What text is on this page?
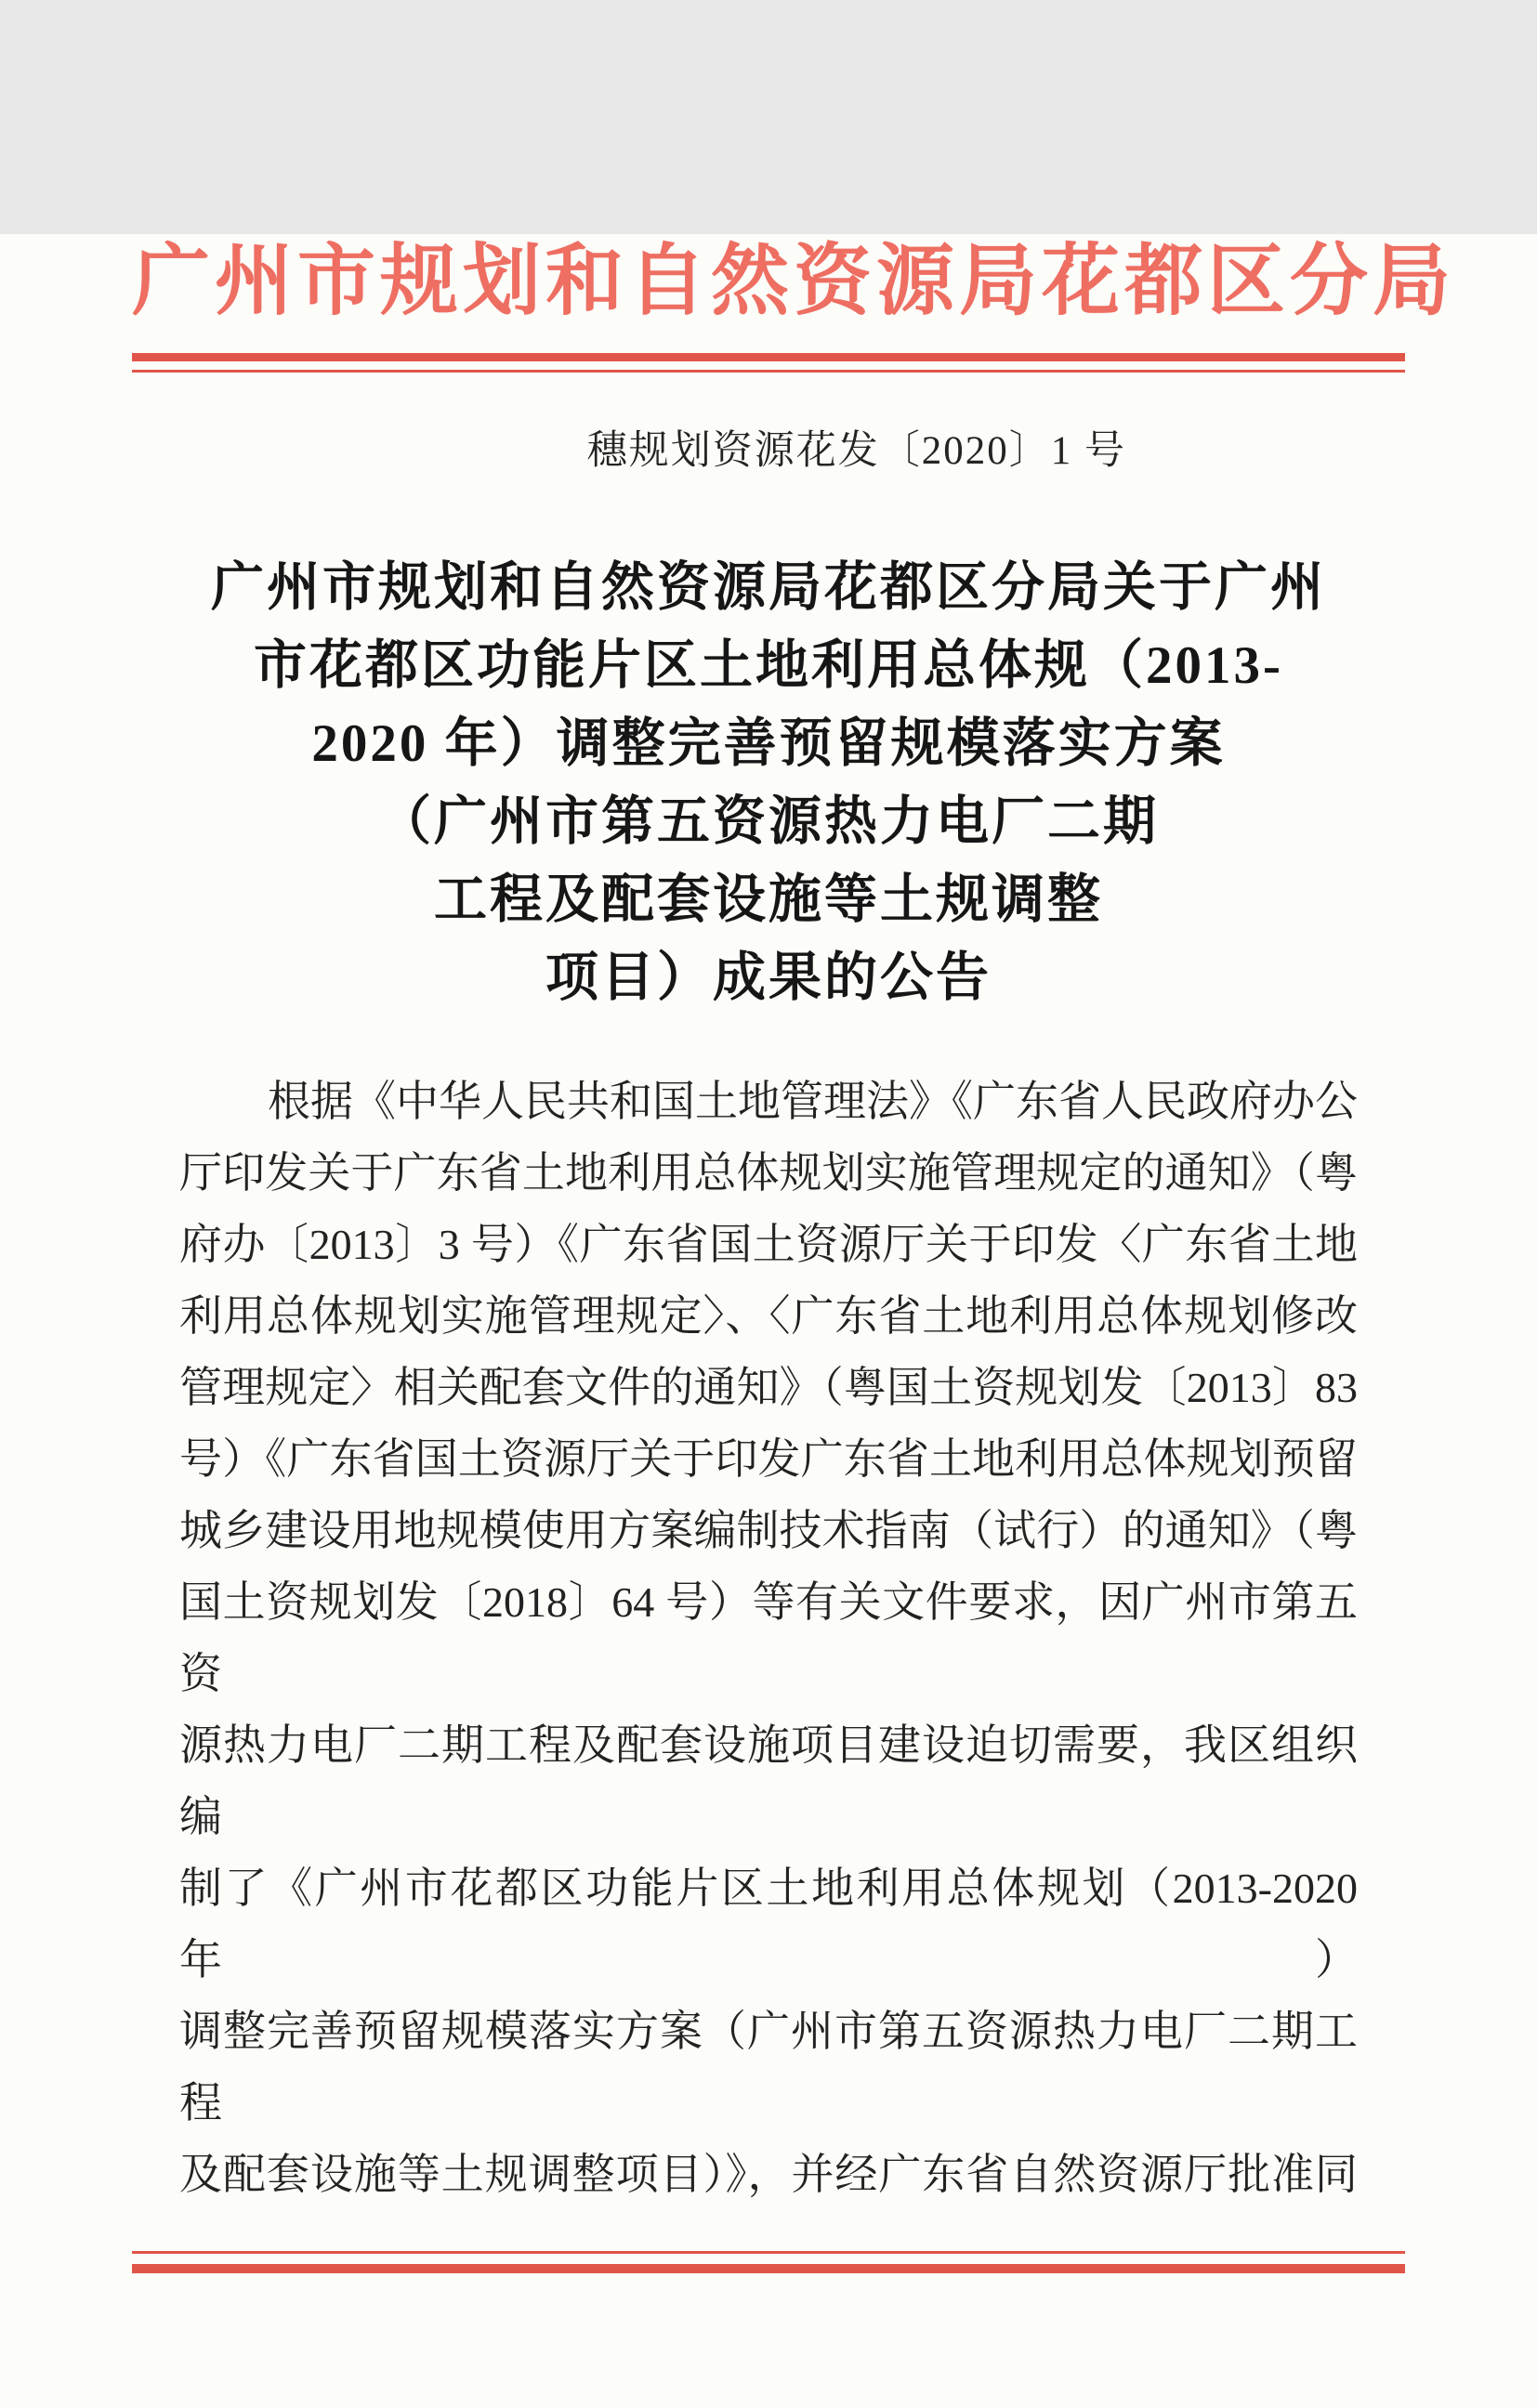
广州市规划和自然资源局花都区分局
穗规划资源花发〔2020〕1 号
广州市规划和自然资源局花都区分局关于广州
市花都区功能片区土地利用总体规（2013-
2020 年）调整完善预留规模落实方案
（广州市第五资源热力电厂二期
工程及配套设施等土规调整
项目）成果的公告
根据《中华人民共和国土地管理法》《广东省人民政府办公
厅印发关于广东省土地利用总体规划实施管理规定的通知》（粤
府办〔2013〕3 号）《广东省国土资源厅关于印发〈广东省土地
利用总体规划实施管理规定〉、〈广东省土地利用总体规划修改
管理规定〉相关配套文件的通知》（粤国土资规划发〔2013〕83
号）《广东省国土资源厅关于印发广东省土地利用总体规划预留
城乡建设用地规模使用方案编制技术指南（试行）的通知》（粤
国土资规划发〔2018〕64 号）等有关文件要求，因广州市第五资
源热力电厂二期工程及配套设施项目建设迫切需要，我区组织编
制了《广州市花都区功能片区土地利用总体规划（2013-2020 年）
调整完善预留规模落实方案（广州市第五资源热力电厂二期工程
及配套设施等土规调整项目）》，并经广东省自然资源厅批准同
